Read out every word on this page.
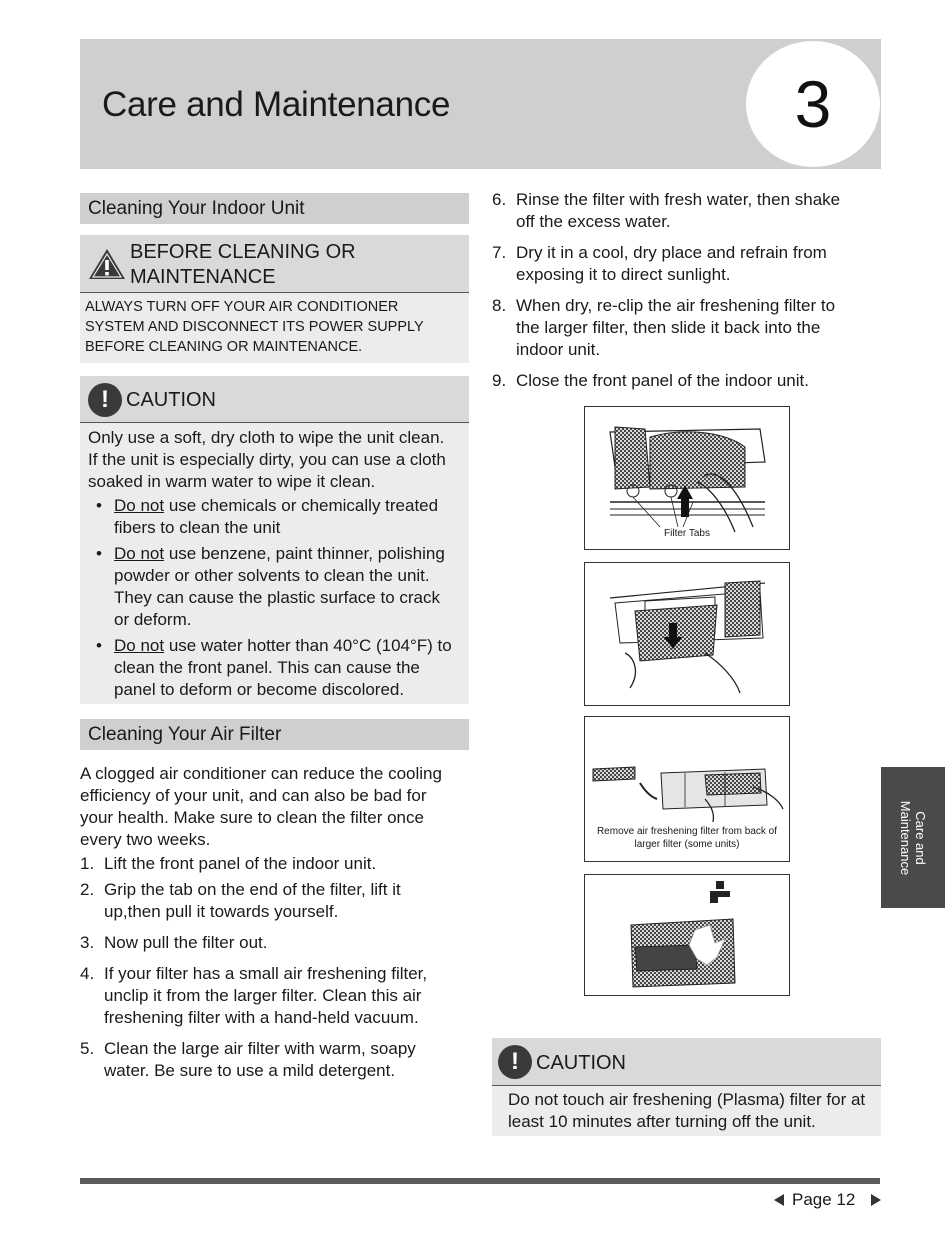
Care and Maintenance	3
Cleaning Your Indoor Unit
BEFORE CLEANING OR
MAINTENANCE
ALWAYS TURN OFF YOUR AIR CONDITIONER SYSTEM AND DISCONNECT ITS POWER SUPPLY BEFORE CLEANING OR MAINTENANCE.
! CAUTION
Only use a soft, dry cloth to wipe the unit clean. If the unit is especially dirty, you can use a cloth soaked in warm water to wipe it clean.
• Do not use chemicals or chemically treated fibers to clean the unit
• Do not use benzene, paint thinner, polishing powder or other solvents to clean the unit. They can cause the plastic surface to crack or deform.
• Do not use water hotter than 40°C (104°F) to clean the front panel. This can cause the panel to deform or become discolored.
Cleaning Your Air Filter
A clogged air conditioner can reduce the cooling efficiency of your unit, and can also be bad for your health. Make sure to clean the filter once every two weeks.
1. Lift the front panel of the indoor unit.
2. Grip the tab on the end of the filter, lift it up,then pull it towards yourself.
3. Now pull the filter out.
4. If your filter has a small air freshening filter, unclip it from the larger filter. Clean this air freshening filter with a hand-held vacuum.
5. Clean the large air filter with warm, soapy water. Be sure to use a mild detergent.
6. Rinse the filter with fresh water, then shake off the excess water.
7. Dry it in a cool, dry place and refrain from exposing it to direct sunlight.
8. When dry, re-clip the air freshening filter to the larger filter, then slide it back into the indoor unit.
9. Close the front panel of the indoor unit.
Filter Tabs
Remove air freshening filter from back of
larger filter (some units)
! CAUTION
Do not touch air freshening (Plasma) filter for at least 10 minutes after turning off the unit.
Care and
Maintenance
Page 12
